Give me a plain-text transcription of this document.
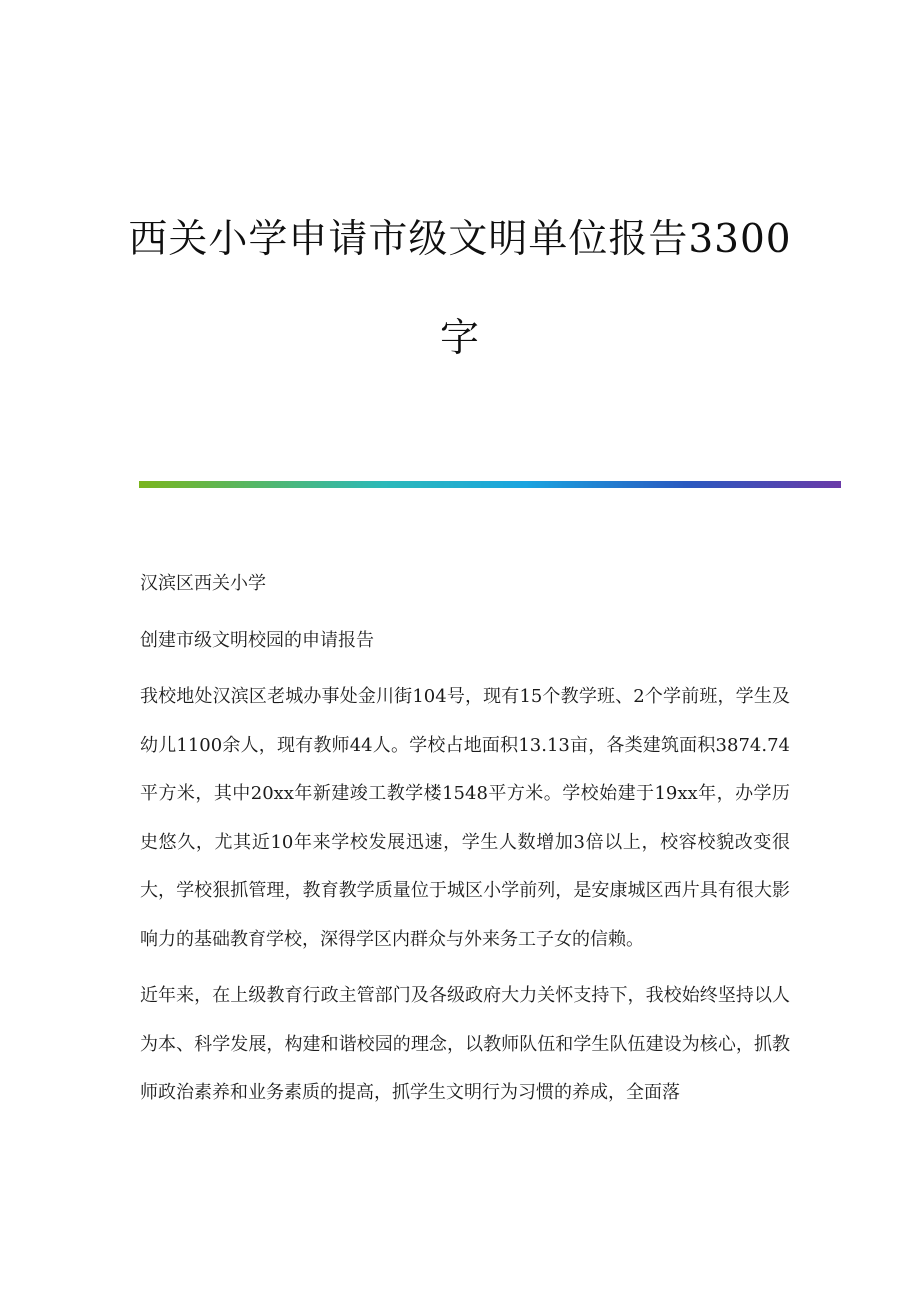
西关小学申请市级文明单位报告3300
字

汉滨区西关小学

创建市级文明校园的申请报告

我校地处汉滨区老城办事处金川街104号，现有15个教学班、2个学前班，学生及幼儿1100余人，现有教师44人。学校占地面积13.13亩，各类建筑面积3874.74平方米，其中20xx年新建竣工教学楼1548平方米。学校始建于19xx年，办学历史悠久，尤其近10年来学校发展迅速，学生人数增加3倍以上，校容校貌改变很大，学校狠抓管理，教育教学质量位于城区小学前列，是安康城区西片具有很大影响力的基础教育学校，深得学区内群众与外来务工子女的信赖。

近年来，在上级教育行政主管部门及各级政府大力关怀支持下，我校始终坚持以人为本、科学发展，构建和谐校园的理念，以教师队伍和学生队伍建设为核心，抓教师政治素养和业务素质的提高，抓学生文明行为习惯的养成，全面落
